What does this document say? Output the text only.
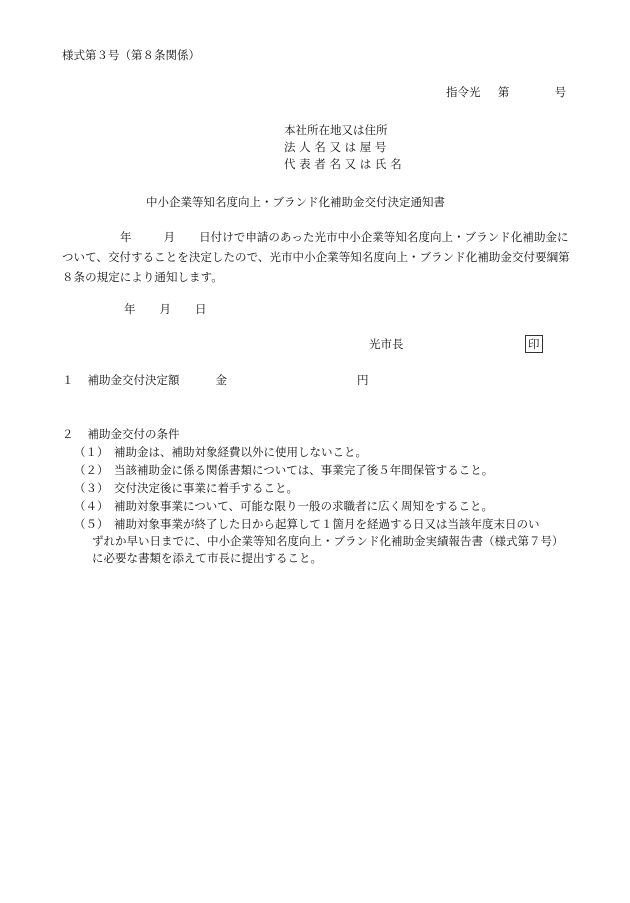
様式第３号（第８条関係）
指令光 第	号
本社所在地又は住所
法 人 名 又 は 屋 号
代 表 者 名 又 は 氏 名
中小企業等知名度向上・ブランド化補助金交付決定通知書
年	月 日付けで申請のあった光市中小企業等知名度向上・ブランド化補助金について、交付することを決定したので、光市中小企業等知名度向上・ブランド化補助金交付要綱第８条の規定により通知します。
年 月 日
光市長	印
１ 補助金交付決定額	金	円
２ 補助金交付の条件
（１） 補助金は、補助対象経費以外に使用しないこと。
（２） 当該補助金に係る関係書類については、事業完了後５年間保管すること。
（３） 交付決定後に事業に着手すること。
（４） 補助対象事業について、可能な限り一般の求職者に広く周知をすること。
（５） 補助対象事業が終了した日から起算して１箇月を経過する日又は当該年度末日のい
ずれか早い日までに、中小企業等知名度向上・ブランド化補助金実績報告書（様式第７号）に必要な書類を添えて市長に提出すること。
